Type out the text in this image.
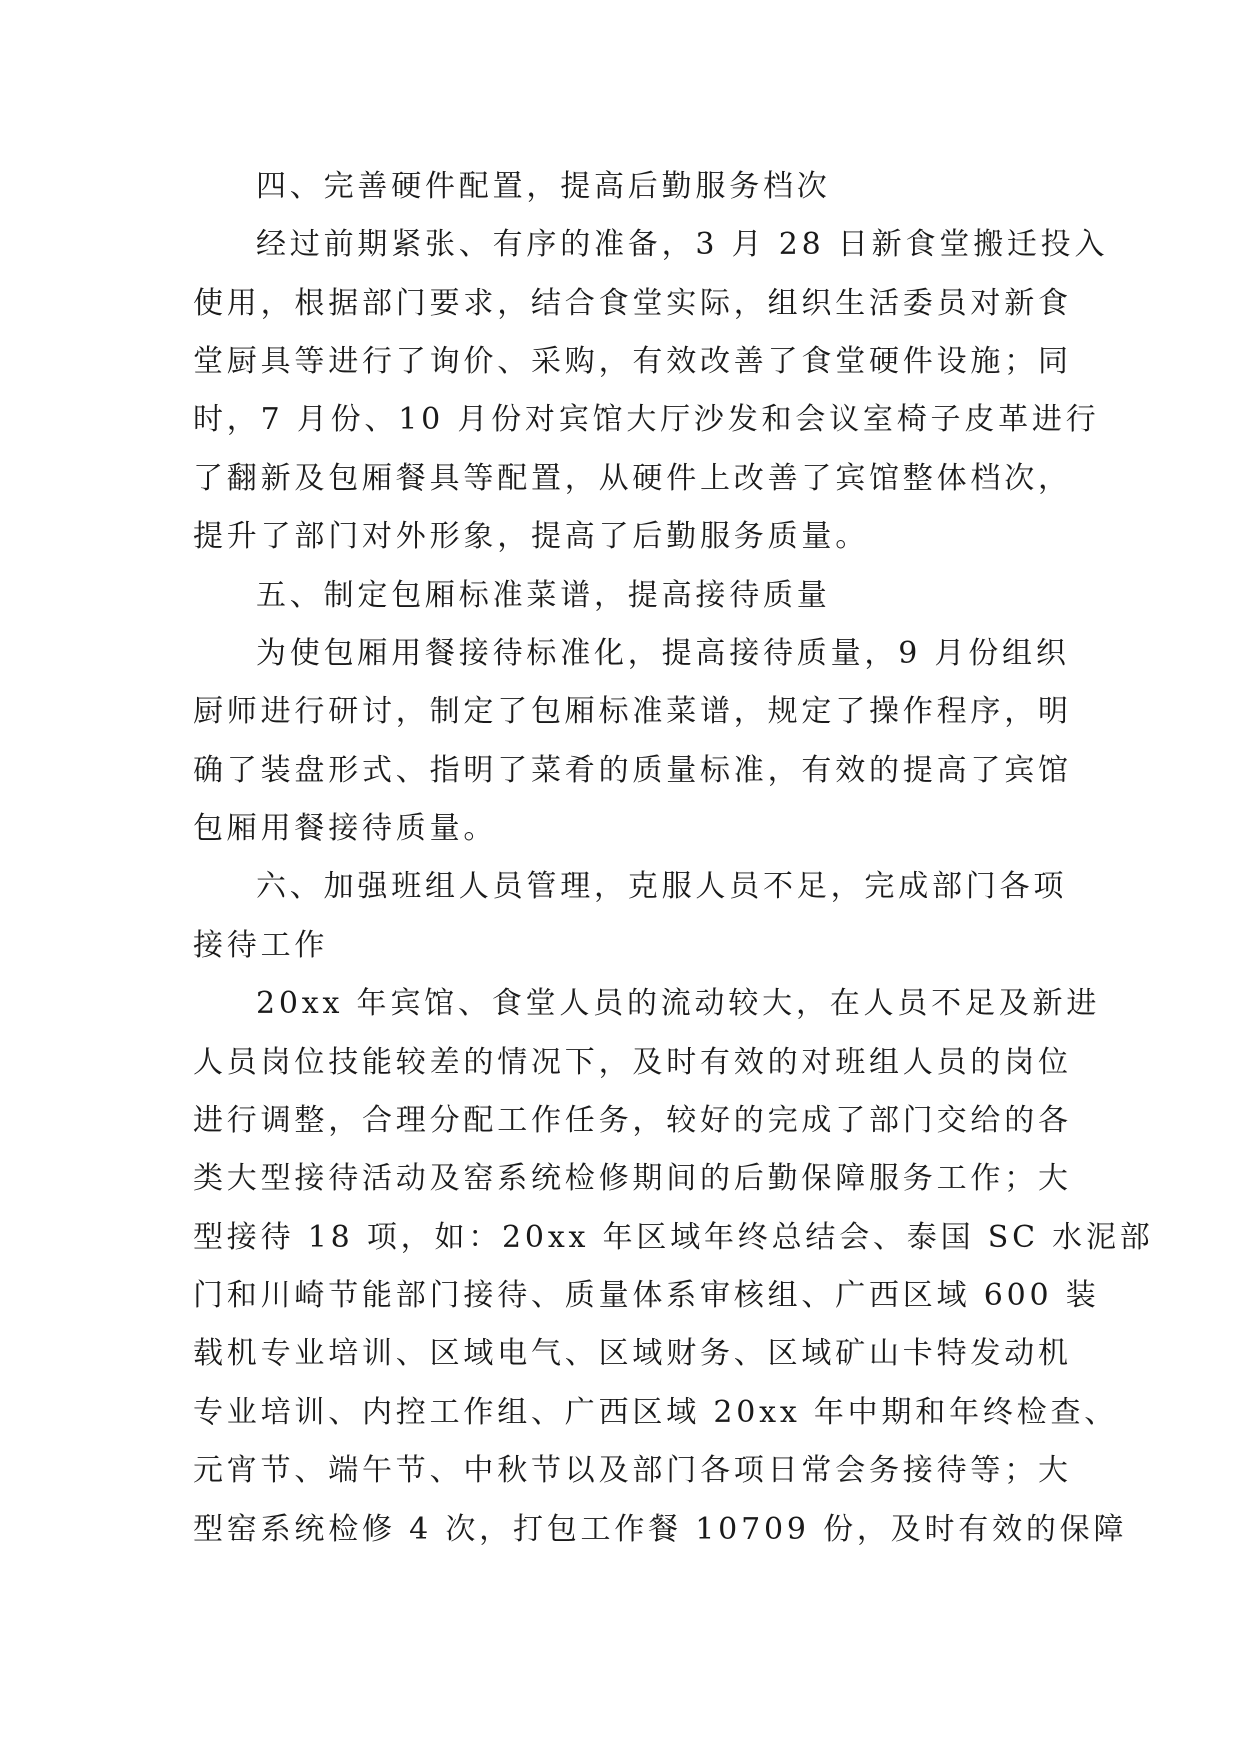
四、完善硬件配置，提高后勤服务档次
经过前期紧张、有序的准备，3 月 28 日新食堂搬迁投入
使用，根据部门要求，结合食堂实际，组织生活委员对新食
堂厨具等进行了询价、采购，有效改善了食堂硬件设施；同
时，7 月份、10 月份对宾馆大厅沙发和会议室椅子皮革进行
了翻新及包厢餐具等配置，从硬件上改善了宾馆整体档次，
提升了部门对外形象，提高了后勤服务质量。
五、制定包厢标准菜谱，提高接待质量
为使包厢用餐接待标准化，提高接待质量，9 月份组织
厨师进行研讨，制定了包厢标准菜谱，规定了操作程序，明
确了装盘形式、指明了菜肴的质量标准，有效的提高了宾馆
包厢用餐接待质量。
六、加强班组人员管理，克服人员不足，完成部门各项
接待工作
20xx 年宾馆、食堂人员的流动较大，在人员不足及新进
人员岗位技能较差的情况下，及时有效的对班组人员的岗位
进行调整，合理分配工作任务，较好的完成了部门交给的各
类大型接待活动及窑系统检修期间的后勤保障服务工作；大
型接待 18 项，如：20xx 年区域年终总结会、泰国 SC 水泥部
门和川崎节能部门接待、质量体系审核组、广西区域 600 装
载机专业培训、区域电气、区域财务、区域矿山卡特发动机
专业培训、内控工作组、广西区域 20xx 年中期和年终检查、
元宵节、端午节、中秋节以及部门各项日常会务接待等；大
型窑系统检修 4 次，打包工作餐 10709 份，及时有效的保障
